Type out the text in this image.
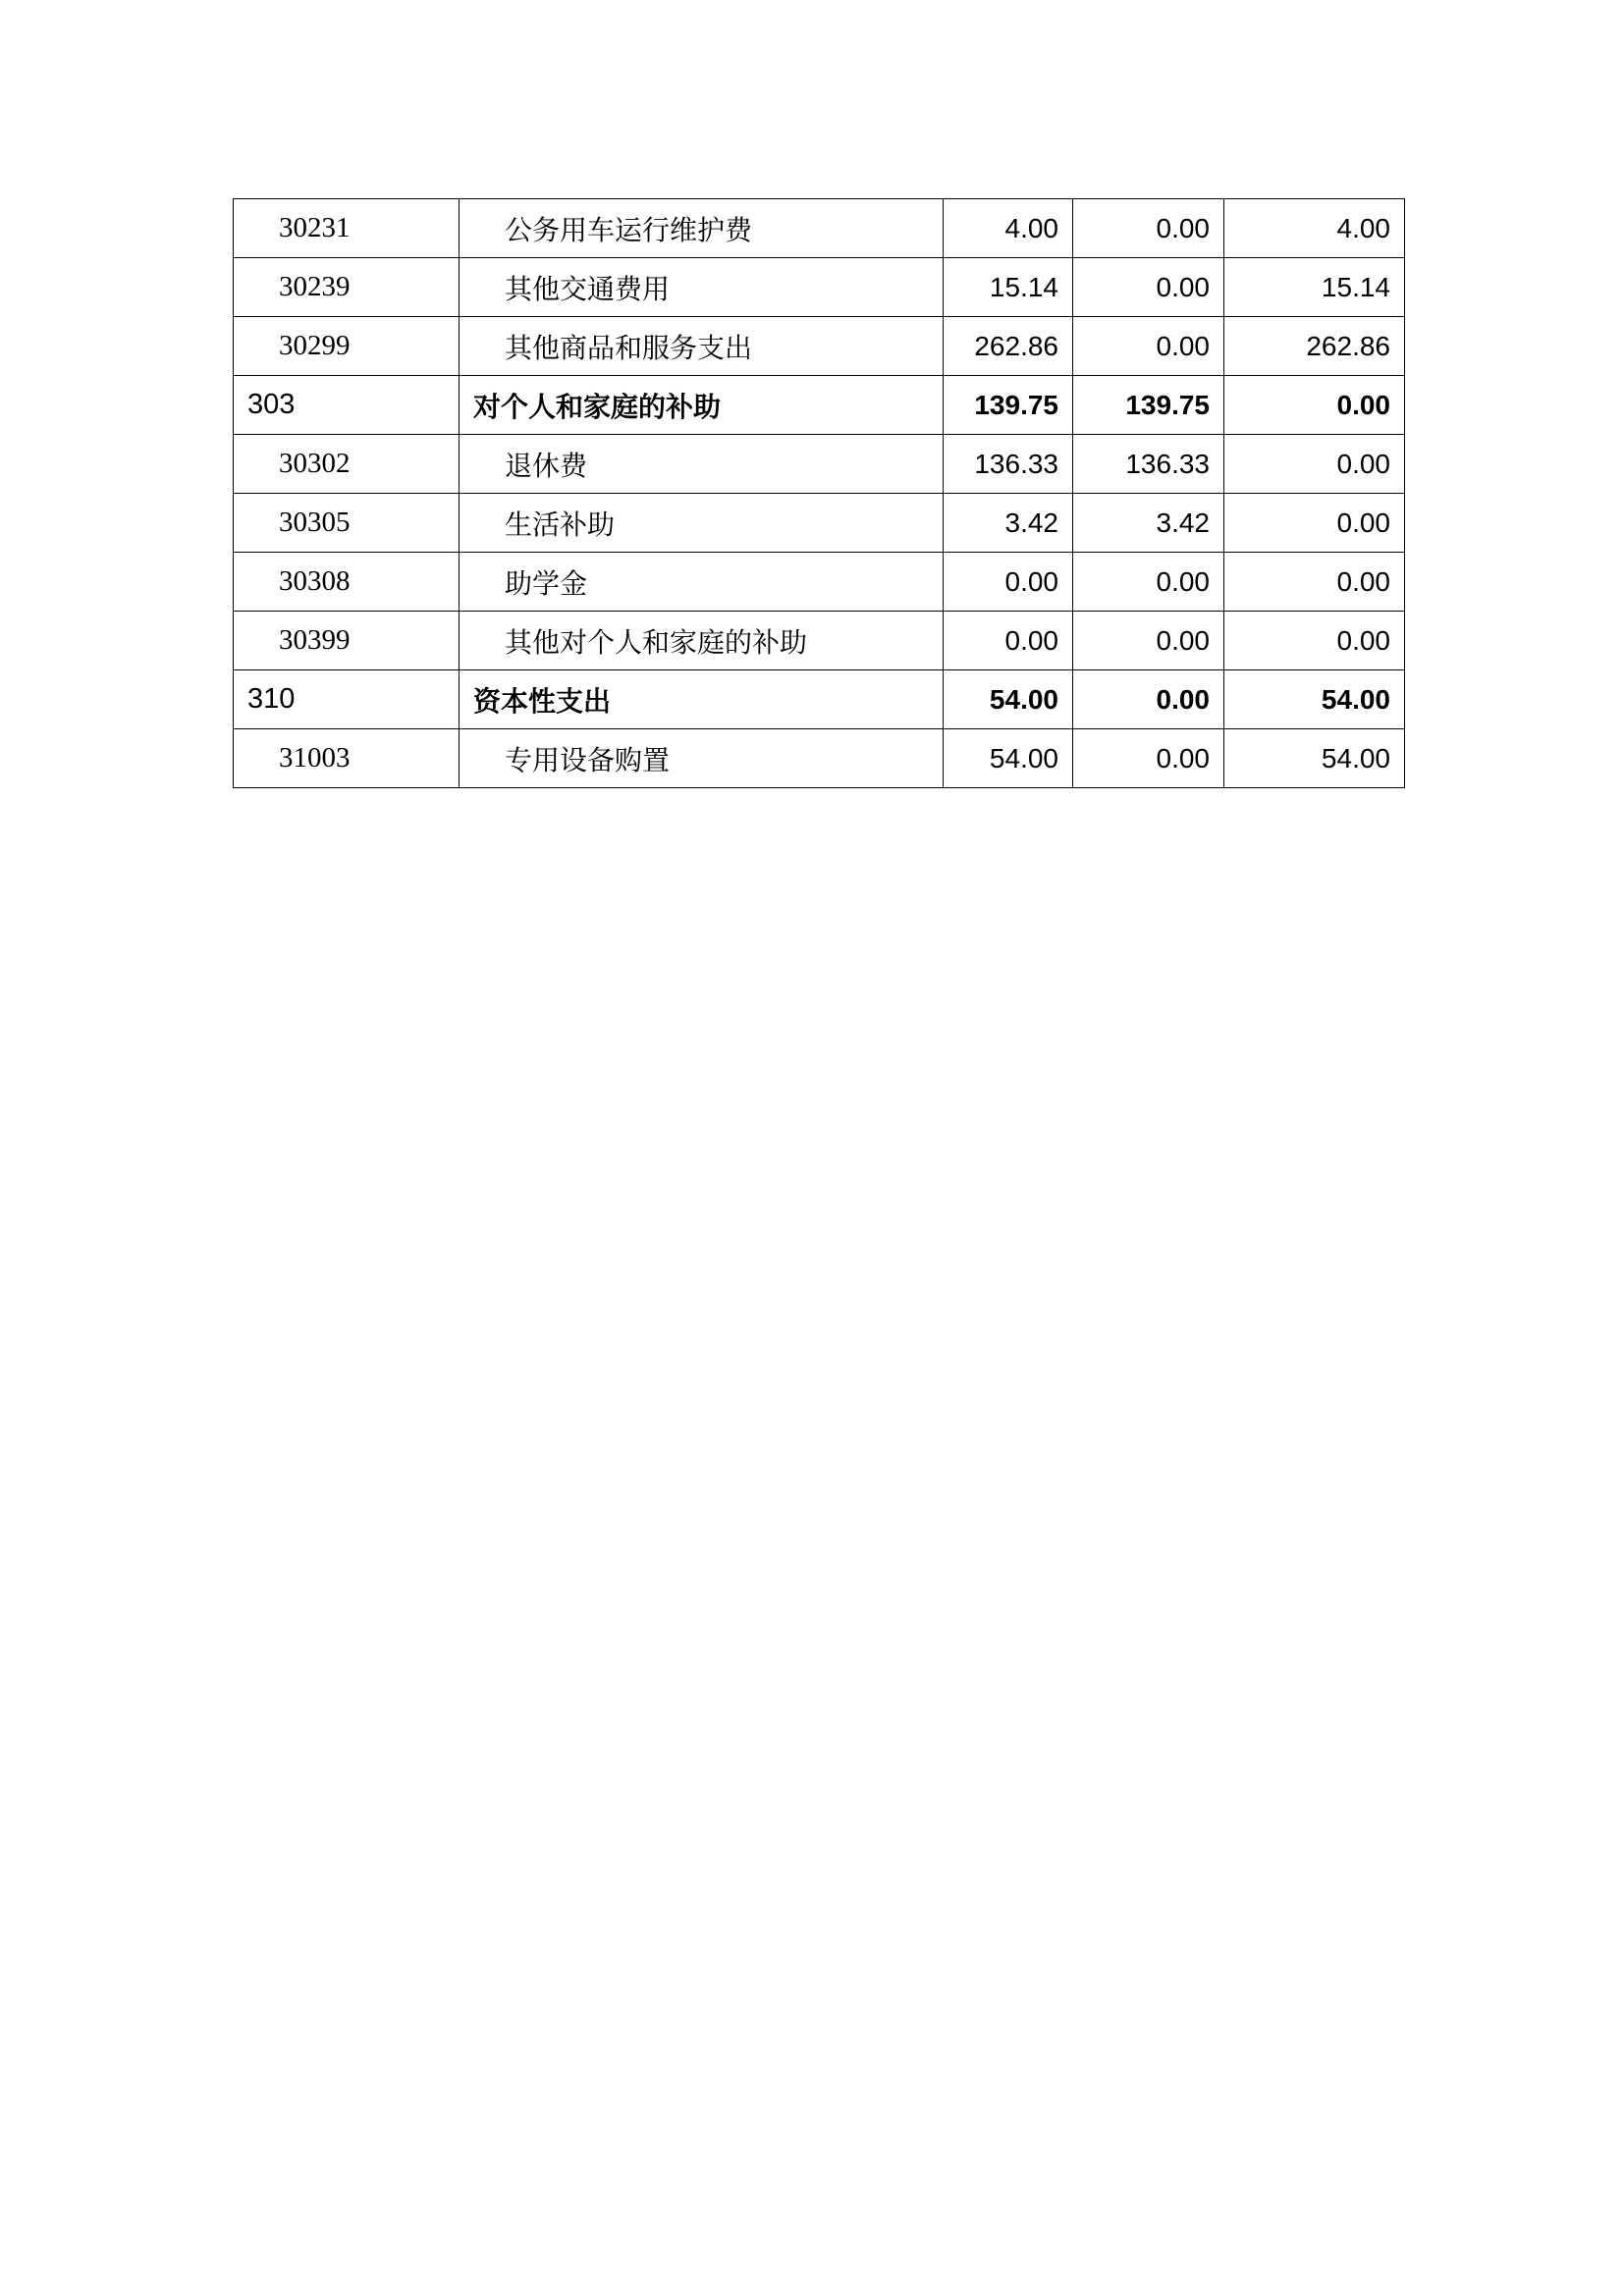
30231	公务用车运行维护费	4.00	0.00	4.00
30239	其他交通费用	15.14	0.00	15.14
30299	其他商品和服务支出	262.86	0.00	262.86
303	对个人和家庭的补助	139.75	139.75	0.00
30302	退休费	136.33	136.33	0.00
30305	生活补助	3.42	3.42	0.00
30308	助学金	0.00	0.00	0.00
30399	其他对个人和家庭的补助	0.00	0.00	0.00
310	资本性支出	54.00	0.00	54.00
31003	专用设备购置	54.00	0.00	54.00
